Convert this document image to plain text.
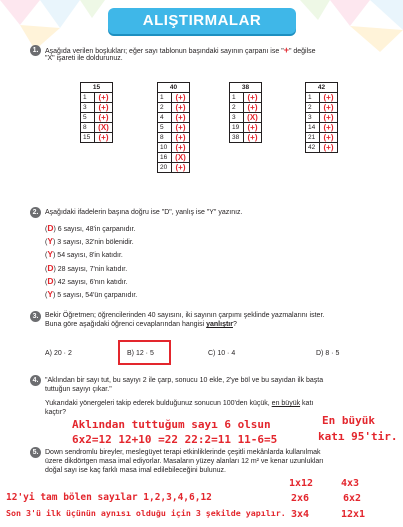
ALIŞTIRMALAR
1. Aşağıda verilen boşlukları; eğer sayı tablonun başındaki sayının çarpanı ise "+" değilse
"X" işareti ile doldurunuz.
15	
1	(+)
3	(+)
5	(+)
8	(X)
15	(+)
40	
1	(+)
2	(+)
4	(+)
5	(+)
8	(+)
10	(+)
16	(X)
20	(+)
38	
1	(+)
2	(+)
3	(X)
19	(+)
38	(+)
42	
1	(+)
2	(+)
3	(+)
14	(+)
21	(+)
42	(+)
2. Aşağıdaki ifadelerin başına doğru ise "D", yanlış ise "Y" yazınız.
(D) 6 sayısı, 48'in çarpanıdır.
(Y) 3 sayısı, 32'nin bölenidir.
(Y) 54 sayısı, 8'in katıdır.
(D) 28 sayısı, 7'nin katıdır.
(D) 42 sayısı, 6'nın katıdır.
(Y) 5 sayısı, 54'ün çarpanıdır.
3. Bekir Öğretmen; öğrencilerinden 40 sayısını, iki sayının çarpımı şeklinde yazmalarını ister.
Buna göre aşağıdaki öğrenci cevaplarından hangisi yanlıştır?
A) 20 · 2	B) 12 · 5	C) 10 · 4	D) 8 · 5
4. "Aklından bir sayı tut, bu sayıyı 2 ile çarp, sonucu 10 ekle, 2'ye böl ve bu sayıdan ilk başta
tuttuğun sayıyı çıkar."
Yukarıdaki yönergeleri takip ederek bulduğunuz sonucun 100'den küçük, en büyük katı
kaçtır?
Aklından tuttuğum sayı 6 olsun
6x2=12 12+10 =22 22:2=11 11-6=5
En büyük
katı 95'tir.
5. Down sendromlu bireyler, meslegüyet terapi etkinliklerinde çeşitli mekânlarda kullanılmak
üzere dikdörtgen masa imal ediyorlar. Masaların yüzey alanları 12 m² ve kenar uzunlukları
doğal sayı ise kaç farklı masa imal edilebileceğini bulunuz.
1x12	4x3
2x6	6x2
3x4	12x1
12'yi tam bölen sayılar 1,2,3,4,6,12
Son 3'ü ilk üçünün aynısı olduğu için 3 şekilde yapılır.
